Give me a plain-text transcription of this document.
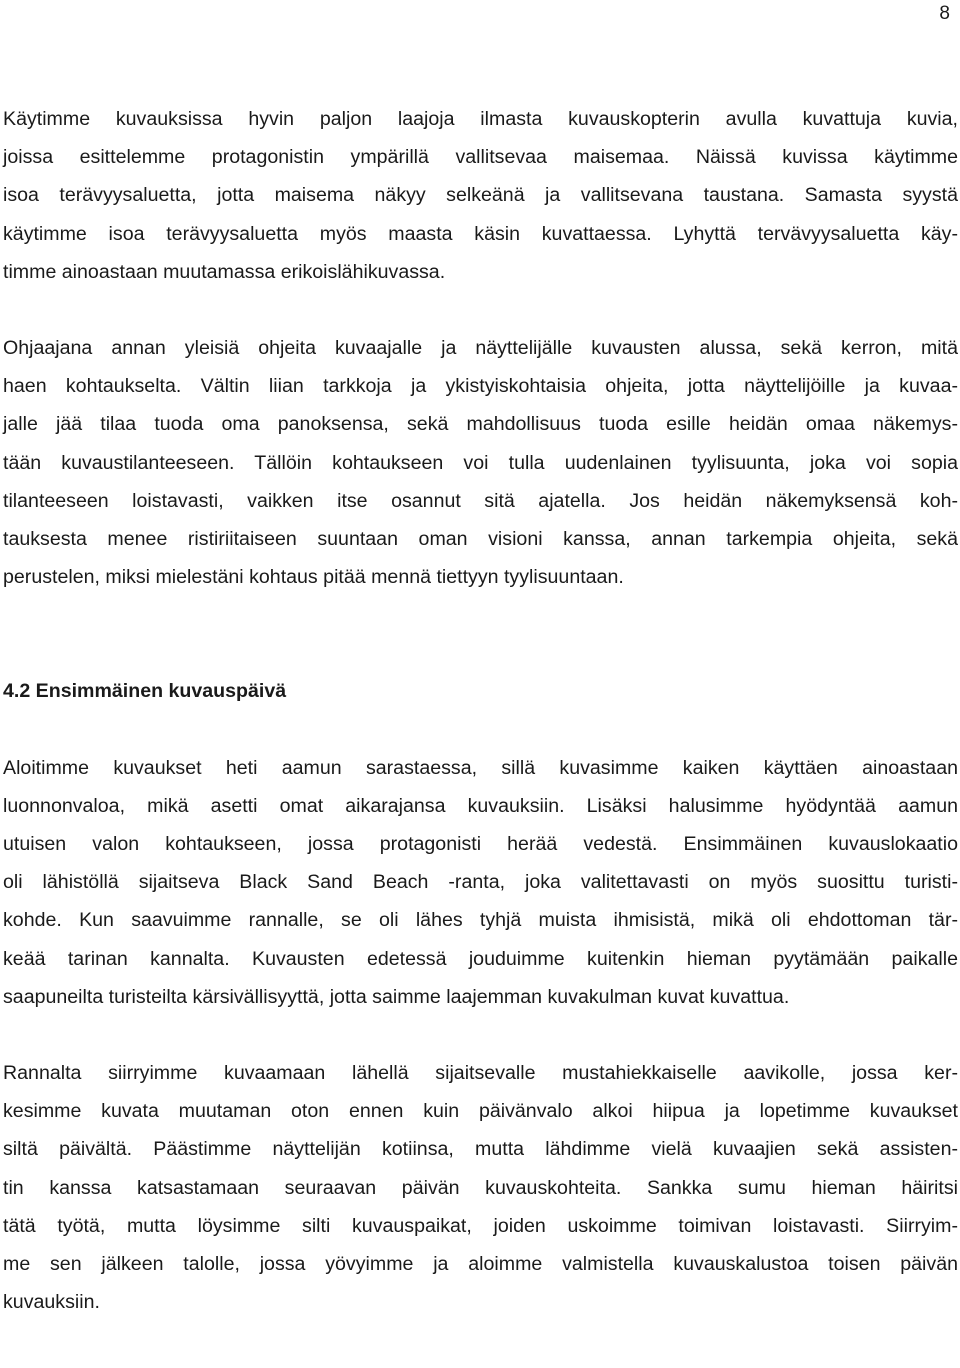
8

Käytimme kuvauksissa hyvin paljon laajoja ilmasta kuvauskopterin avulla kuvattuja kuvia,
joissa esittelemme protagonistin ympärillä vallitsevaa maisemaa. Näissä kuvissa käytimme
isoa terävyysaluetta, jotta maisema näkyy selkeänä ja vallitsevana taustana. Samasta syystä
käytimme isoa terävyysaluetta myös maasta käsin kuvattaessa. Lyhyttä tervävyysaluetta käy-
timme ainoastaan muutamassa erikoislähikuvassa.

Ohjaajana annan yleisiä ohjeita kuvaajalle ja näyttelijälle kuvausten alussa, sekä kerron, mitä
haen kohtaukselta. Vältin liian tarkkoja ja ykistyiskohtaisia ohjeita, jotta näyttelijöille ja kuvaa-
jalle jää tilaa tuoda oma panoksensa, sekä mahdollisuus tuoda esille heidän omaa näkemys-
tään kuvaustilanteeseen. Tällöin kohtaukseen voi tulla uudenlainen tyylisuunta, joka voi sopia
tilanteeseen loistavasti, vaikken itse osannut sitä ajatella. Jos heidän näkemyksensä koh-
tauksesta menee ristiriitaiseen suuntaan oman visioni kanssa, annan tarkempia ohjeita, sekä
perustelen, miksi mielestäni kohtaus pitää mennä tiettyyn tyylisuuntaan.

4.2 Ensimmäinen kuvauspäivä

Aloitimme kuvaukset heti aamun sarastaessa, sillä kuvasimme kaiken käyttäen ainoastaan
luonnonvaloa, mikä asetti omat aikarajansa kuvauksiin. Lisäksi halusimme hyödyntää aamun
utuisen valon kohtaukseen, jossa protagonisti herää vedestä. Ensimmäinen kuvauslokaatio
oli lähistöllä sijaitseva Black Sand Beach -ranta, joka valitettavasti on myös suosittu turisti-
kohde. Kun saavuimme rannalle, se oli lähes tyhjä muista ihmisistä, mikä oli ehdottoman tär-
keää tarinan kannalta. Kuvausten edetessä jouduimme kuitenkin hieman pyytämään paikalle
saapuneilta turisteilta kärsivällisyyttä, jotta saimme laajemman kuvakulman kuvat kuvattua.

Rannalta siirryimme kuvaamaan lähellä sijaitsevalle mustahiekkaiselle aavikolle, jossa ker-
kesimme kuvata muutaman oton ennen kuin päivänvalo alkoi hiipua ja lopetimme kuvaukset
siltä päivältä. Päästimme näyttelijän kotiinsa, mutta lähdimme vielä kuvaajien sekä assisten-
tin kanssa katsastamaan seuraavan päivän kuvauskohteita. Sankka sumu hieman häiritsi
tätä työtä, mutta löysimme silti kuvauspaikat, joiden uskoimme toimivan loistavasti. Siirryim-
me sen jälkeen talolle, jossa yövyimme ja aloimme valmistella kuvauskalustoa toisen päivän
kuvauksiin.
